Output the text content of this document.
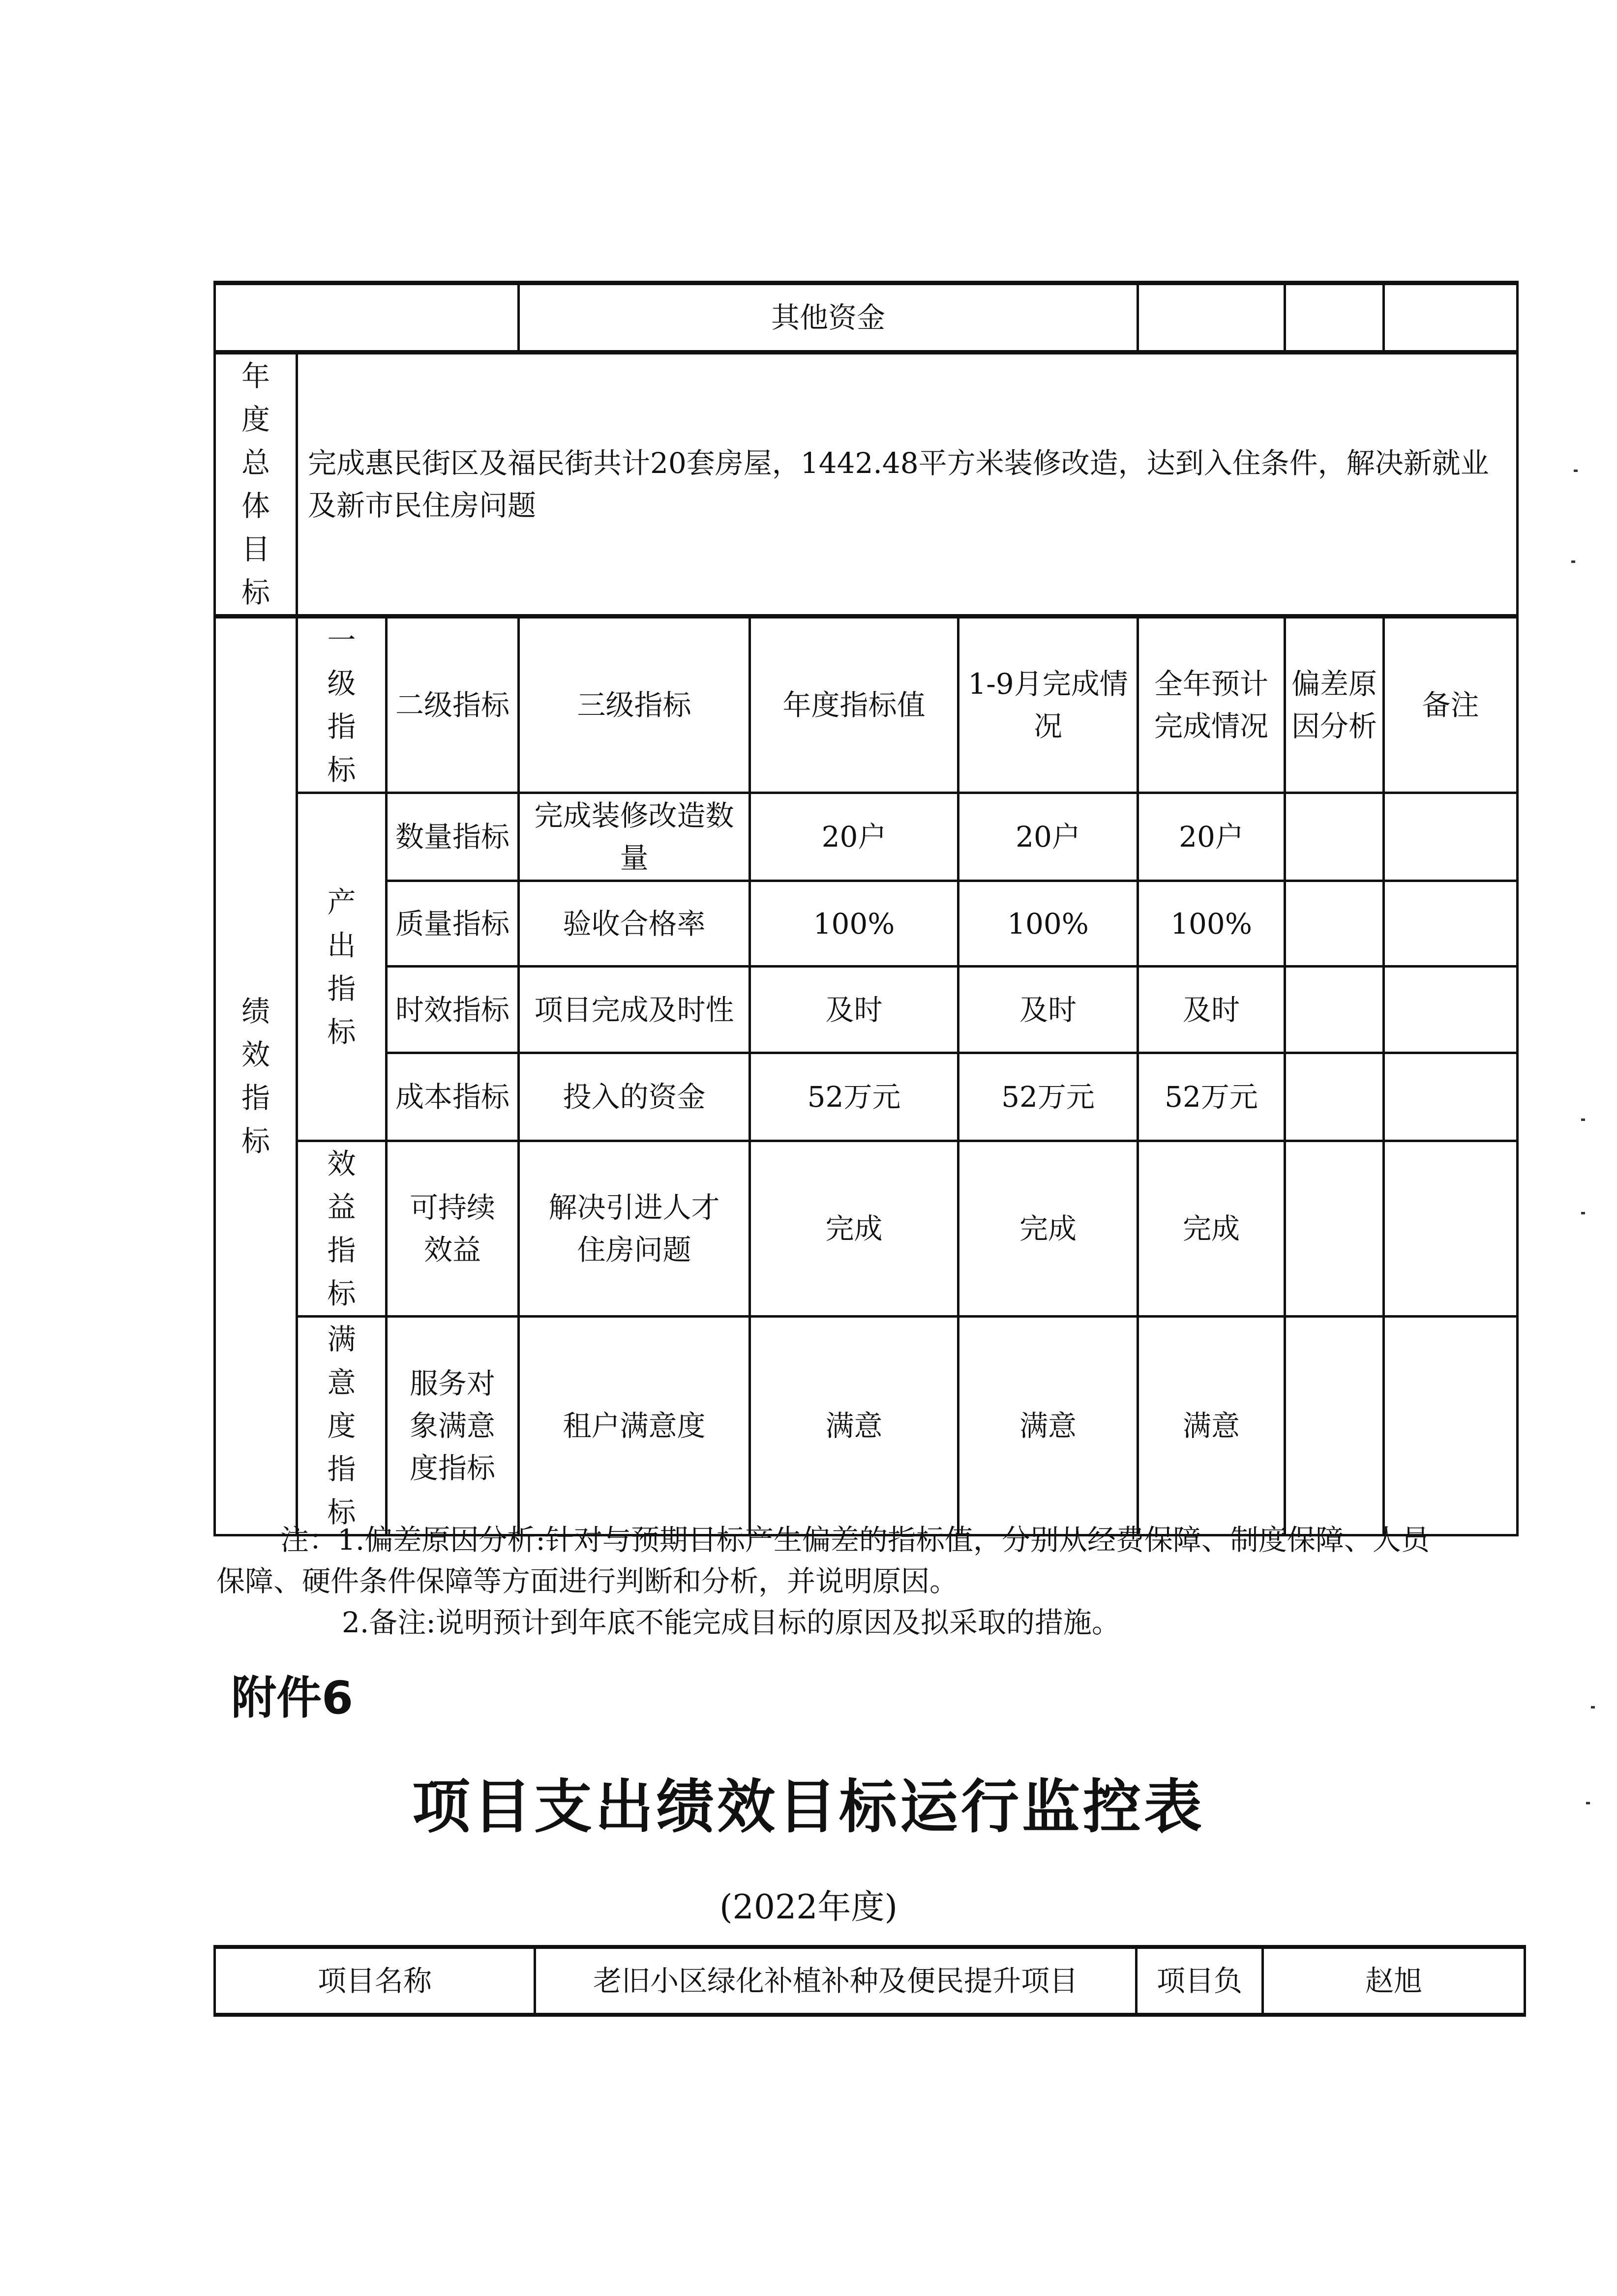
			其他资金					
年度总体目标	完成惠民街区及福民街共计20套房屋，1442.48平方米装修改造，达到入住条件，解决新就业及新市民住房问题							
绩效指标	一级指标	二级指标	三级指标	年度指标值	1-9月完成情况	全年预计完成情况	偏差原因分析	备注
	产出指标	数量指标	完成装修改造数量	20户	20户	20户		
		质量指标	验收合格率	100%	100%	100%		
		时效指标	项目完成及时性	及时	及时	及时		
		成本指标	投入的资金	52万元	52万元	52万元		
	效益指标	可持续效益	解决引进人才住房问题	完成	完成	完成		
	满意度指标	服务对象满意度指标	租户满意度	满意	满意	满意		
注：1.偏差原因分析:针对与预期目标产生偏差的指标值，分别从经费保障、制度保障、人员
保障、硬件条件保障等方面进行判断和分析，并说明原因。
2.备注:说明预计到年底不能完成目标的原因及拟采取的措施。
附件6
项目支出绩效目标运行监控表
(2022年度)
项目名称	老旧小区绿化补植补种及便民提升项目	项目负	赵旭
